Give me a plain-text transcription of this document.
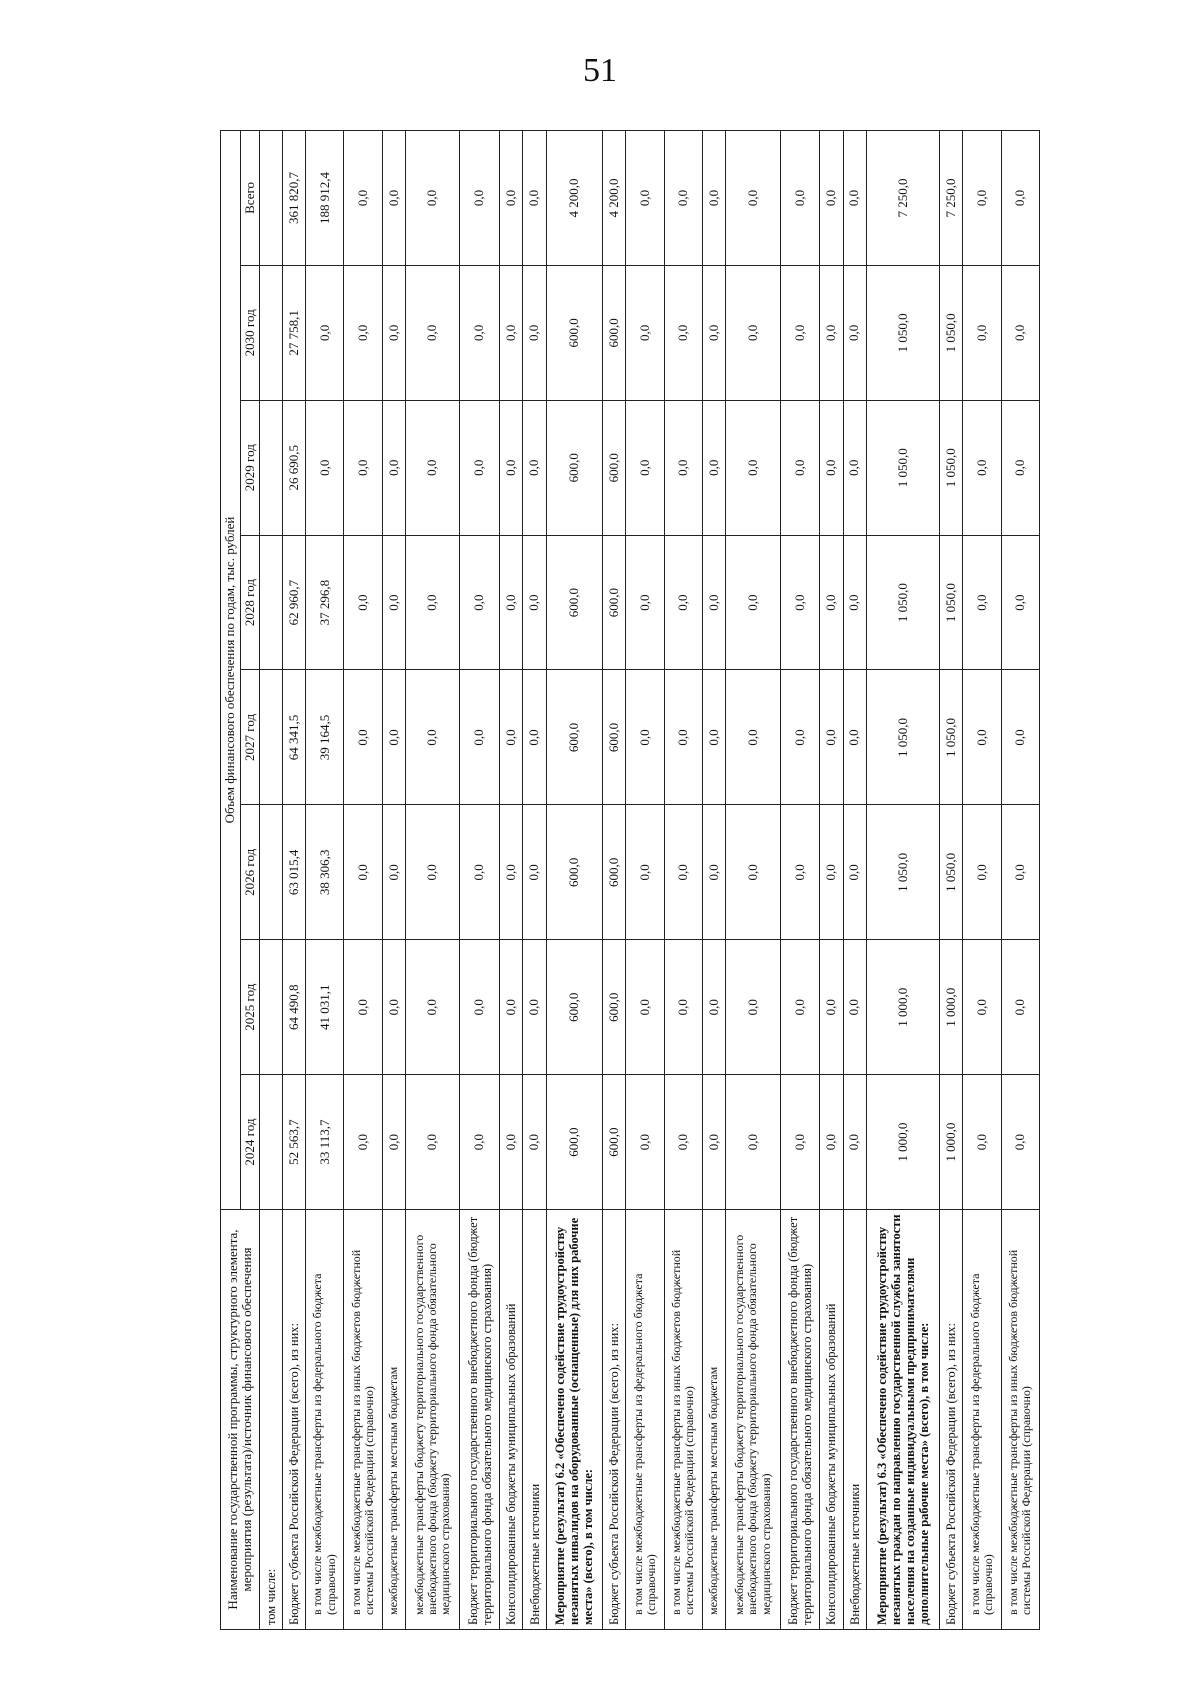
51
Наименование государственной программы, структурного элемента, мероприятия (результата)/источник финансового обеспечения	Объем финансового обеспечения по годам, тыс. рублей							
	2024 год	2025 год	2026 год	2027 год	2028 год	2029 год	2030 год	Всего
том числе:								
Бюджет субъекта Российской Федерации (всего), из них:	52 563,7	64 490,8	63 015,4	64 341,5	62 960,7	26 690,5	27 758,1	361 820,7
в том числе межбюджетные трансферты из федерального бюджета (справочно)	33 113,7	41 031,1	38 306,3	39 164,5	37 296,8	0,0	0,0	188 912,4
в том числе межбюджетные трансферты из иных бюджетов бюджетной системы Российской Федерации (справочно)	0,0	0,0	0,0	0,0	0,0	0,0	0,0	0,0
межбюджетные трансферты местным бюджетам	0,0	0,0	0,0	0,0	0,0	0,0	0,0	0,0
межбюджетные трансферты бюджету территориального государственного внебюджетного фонда (бюджету территориального фонда обязательного медицинского страхования)	0,0	0,0	0,0	0,0	0,0	0,0	0,0	0,0
Бюджет территориального государственного внебюджетного фонда (бюджет территориального фонда обязательного медицинского страхования)	0,0	0,0	0,0	0,0	0,0	0,0	0,0	0,0
Консолидированные бюджеты муниципальных образований	0,0	0,0	0,0	0,0	0,0	0,0	0,0	0,0
Внебюджетные источники	0,0	0,0	0,0	0,0	0,0	0,0	0,0	0,0
Мероприятие (результат) 6.2 «Обеспечено содействие трудоустройству незанятых инвалидов на оборудованные (оснащенные) для них рабочие места» (всего), в том числе:	600,0	600,0	600,0	600,0	600,0	600,0	600,0	4 200,0
Бюджет субъекта Российской Федерации (всего), из них:	600,0	600,0	600,0	600,0	600,0	600,0	600,0	4 200,0
в том числе межбюджетные трансферты из федерального бюджета (справочно)	0,0	0,0	0,0	0,0	0,0	0,0	0,0	0,0
в том числе межбюджетные трансферты из иных бюджетов бюджетной системы Российской Федерации (справочно)	0,0	0,0	0,0	0,0	0,0	0,0	0,0	0,0
межбюджетные трансферты местным бюджетам	0,0	0,0	0,0	0,0	0,0	0,0	0,0	0,0
межбюджетные трансферты бюджету территориального государственного внебюджетного фонда (бюджету территориального фонда обязательного медицинского страхования)	0,0	0,0	0,0	0,0	0,0	0,0	0,0	0,0
Бюджет территориального государственного внебюджетного фонда (бюджет территориального фонда обязательного медицинского страхования)	0,0	0,0	0,0	0,0	0,0	0,0	0,0	0,0
Консолидированные бюджеты муниципальных образований	0,0	0,0	0,0	0,0	0,0	0,0	0,0	0,0
Внебюджетные источники	0,0	0,0	0,0	0,0	0,0	0,0	0,0	0,0
Мероприятие (результат) 6.3 «Обеспечено содействие трудоустройству незанятых граждан по направлению государственной службы занятости населения на созданные индивидуальными предпринимателями дополнительные рабочие места» (всего), в том числе:	1 000,0	1 000,0	1 050,0	1 050,0	1 050,0	1 050,0	1 050,0	7 250,0
Бюджет субъекта Российской Федерации (всего), из них:	1 000,0	1 000,0	1 050,0	1 050,0	1 050,0	1 050,0	1 050,0	7 250,0
в том числе межбюджетные трансферты из федерального бюджета (справочно)	0,0	0,0	0,0	0,0	0,0	0,0	0,0	0,0
в том числе межбюджетные трансферты из иных бюджетов бюджетной системы Российской Федерации (справочно)	0,0	0,0	0,0	0,0	0,0	0,0	0,0	0,0
